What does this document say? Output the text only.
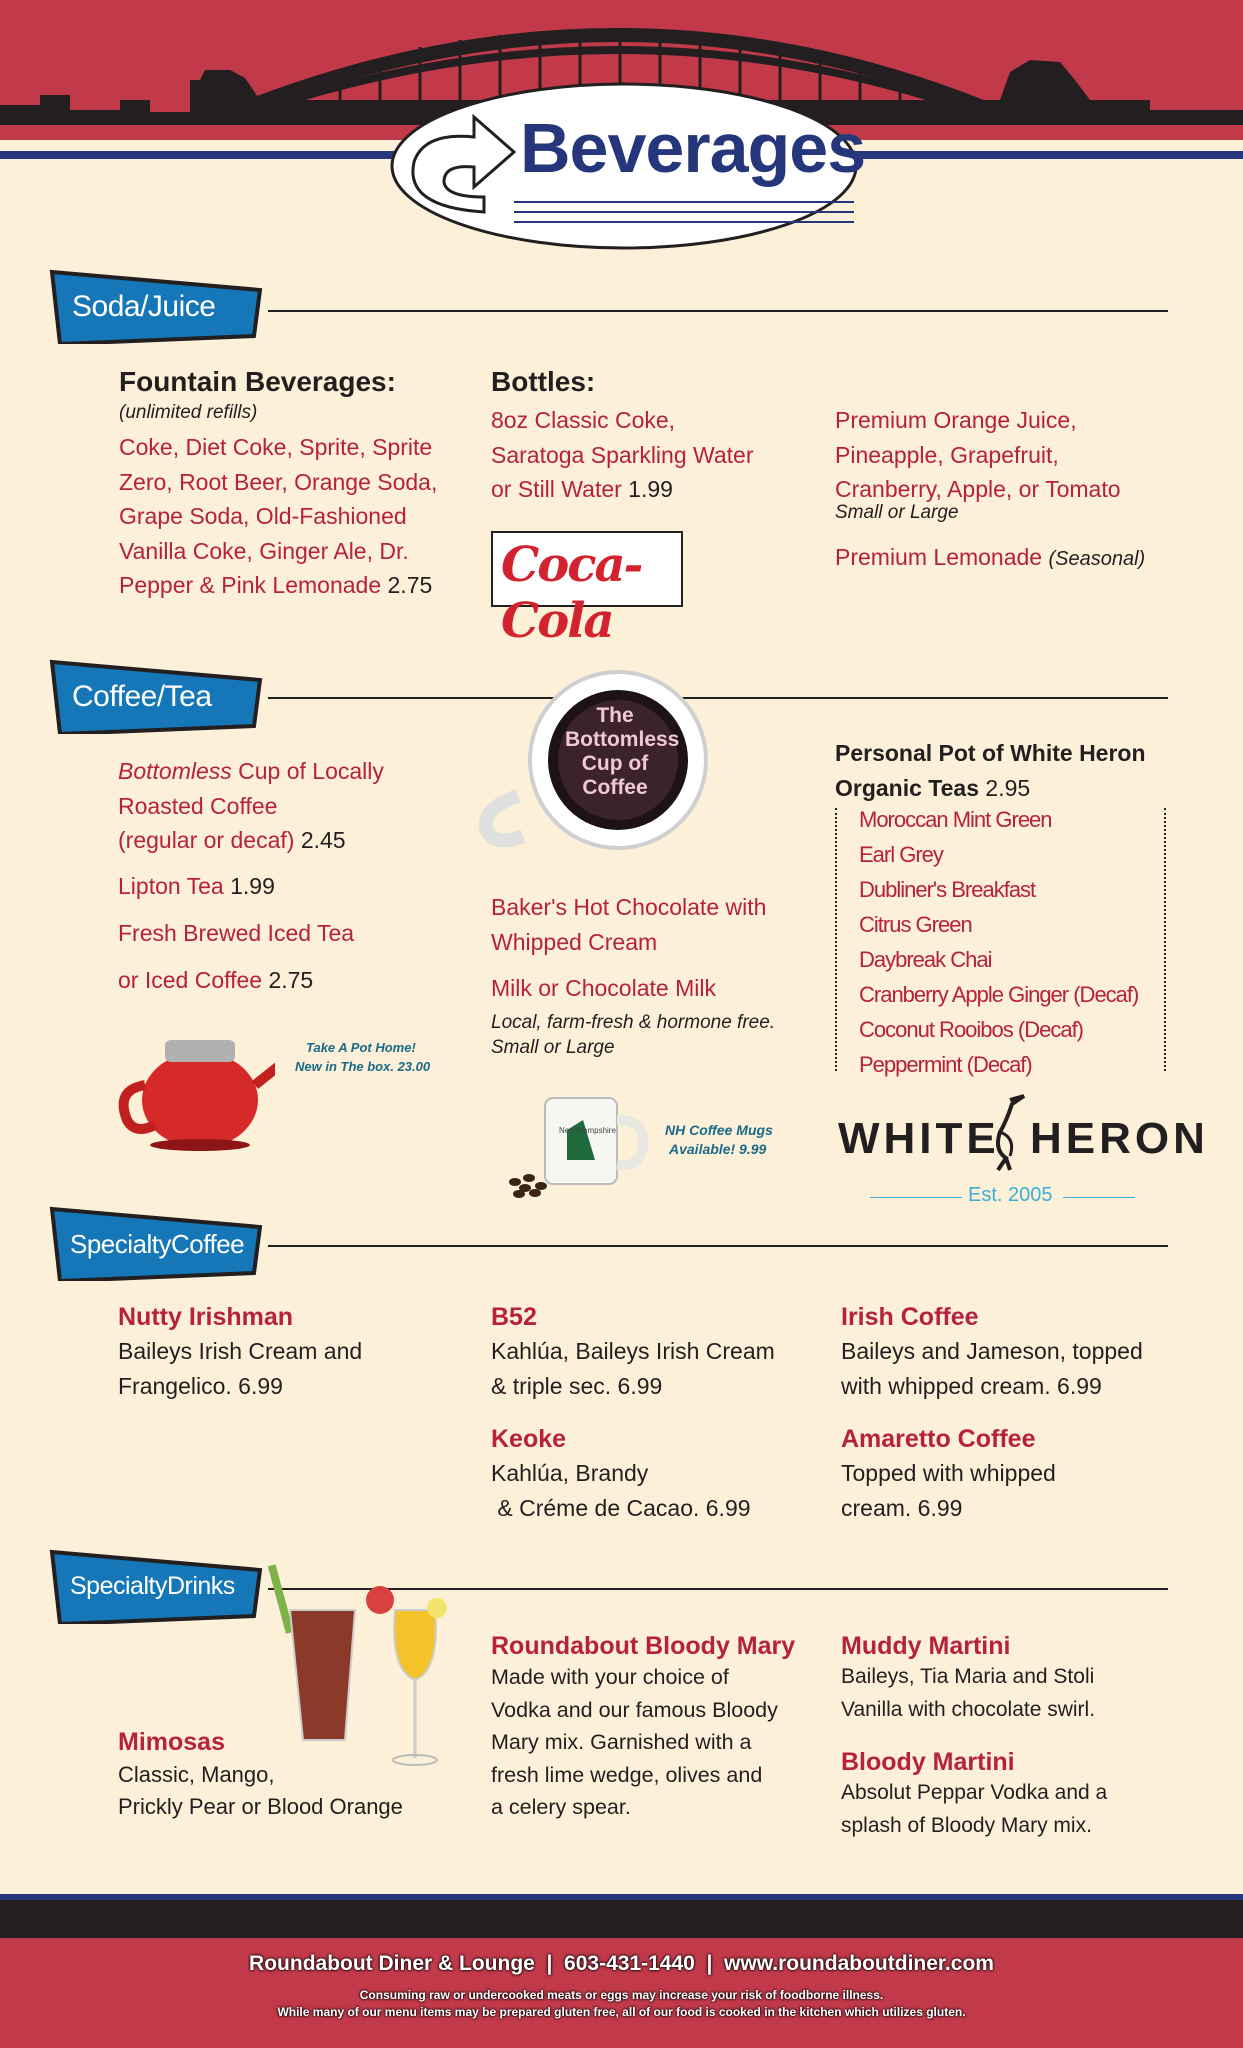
Beverages
Soda/Juice
Fountain Beverages:
(unlimited refills)
Coke, Diet Coke, Sprite, Sprite
Zero, Root Beer, Orange Soda,
Grape Soda, Old-Fashioned
Vanilla Coke, Ginger Ale, Dr.
Pepper & Pink Lemonade 2.75
Bottles:
8oz Classic Coke,
Saratoga Sparkling Water
or Still Water 1.99
Coca-Cola
Premium Orange Juice,
Pineapple, Grapefruit,
Cranberry, Apple, or Tomato
Small or Large
Premium Lemonade (Seasonal)
Coffee/Tea
Bottomless Cup of Locally
Roasted Coffee
(regular or decaf) 2.45
Lipton Tea 1.99
Fresh Brewed Iced Tea
or Iced Coffee 2.75
Take A Pot Home!
New in The box. 23.00
The
Bottomless
Cup of
Coffee
Baker's Hot Chocolate with
Whipped Cream
Milk or Chocolate Milk
Local, farm-fresh & hormone free.
Small or Large
New Hampshire	NH Coffee Mugs
Available! 9.99
Personal Pot of White Heron
Organic Teas 2.95
Moroccan Mint Green
Earl Grey
Dubliner's Breakfast
Citrus Green
Daybreak Chai
Cranberry Apple Ginger (Decaf)
Coconut Rooibos (Decaf)
Peppermint (Decaf)
WHITE HERON
Est. 2005
SpecialtyCoffee
Nutty Irishman
Baileys Irish Cream and
Frangelico. 6.99
B52
Kahlúa, Baileys Irish Cream
& triple sec. 6.99
Irish Coffee
Baileys and Jameson, topped
with whipped cream. 6.99
Keoke
Kahlúa, Brandy
& Créme de Cacao. 6.99
Amaretto Coffee
Topped with whipped
cream. 6.99
SpecialtyDrinks
Mimosas
Classic, Mango,
Prickly Pear or Blood Orange
Roundabout Bloody Mary
Made with your choice of
Vodka and our famous Bloody
Mary mix. Garnished with a
fresh lime wedge, olives and
a celery spear.
Muddy Martini
Baileys, Tia Maria and Stoli
Vanilla with chocolate swirl.
Bloody Martini
Absolut Peppar Vodka and a
splash of Bloody Mary mix.
Roundabout Diner & Lounge  |  603-431-1440  |  www.roundaboutdiner.com
Consuming raw or undercooked meats or eggs may increase your risk of foodborne illness.
While many of our menu items may be prepared gluten free, all of our food is cooked in the kitchen which utilizes gluten.
